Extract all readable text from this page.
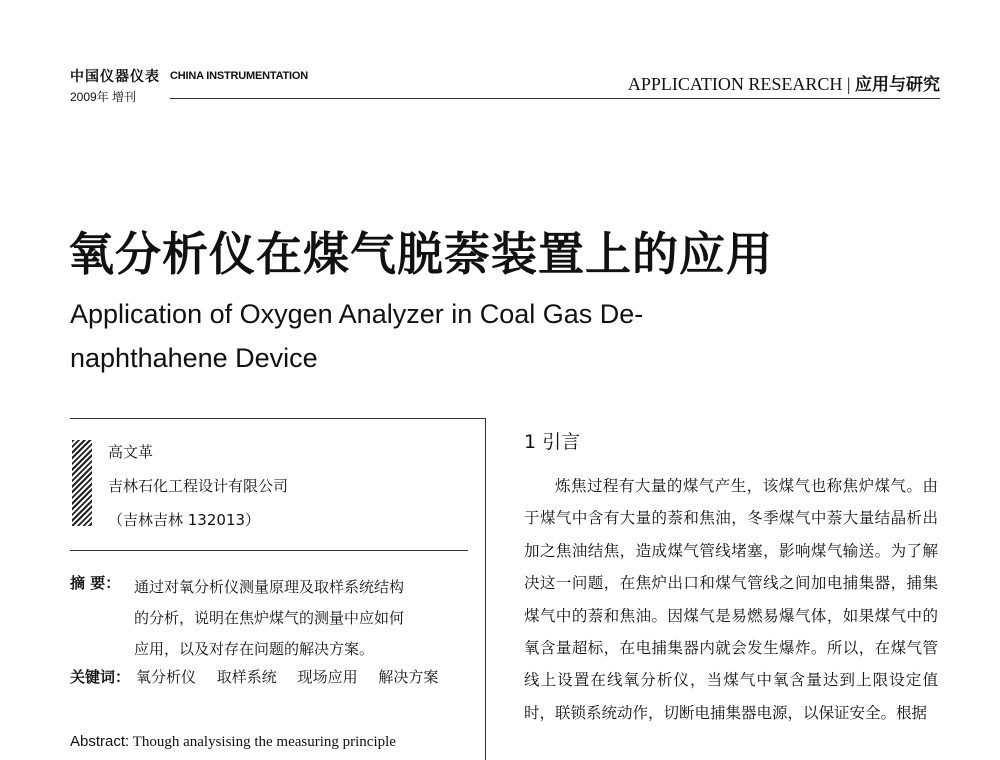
中国仪器仪表 CHINA INSTRUMENTATION
2009年 增刊
APPLICATION RESEARCH | 应用与研究
氧分析仪在煤气脱萘装置上的应用
Application of Oxygen Analyzer in Coal Gas De-naphthahene Device
高文革
吉林石化工程设计有限公司
（吉林吉林 132013）
摘 要： 通过对氧分析仪测量原理及取样系统结构

的分析，说明在焦炉煤气的测量中应如何

应用，以及对存在问题的解决方案。

关键词： 氧分析仪 取样系统 现场应用 解决方案
Abstract: Though analysising the measuring principle
1 引言
炼焦过程有大量的煤气产生，该煤气也称焦炉煤气。由于煤气中含有大量的萘和焦油，冬季煤气中萘大量结晶析出加之焦油结焦，造成煤气管线堵塞，影响煤气输送。为了解决这一问题，在焦炉出口和煤气管线之间加电捕集器，捕集煤气中的萘和焦油。因煤气是易燃易爆气体，如果煤气中的氧含量超标，在电捕集器内就会发生爆炸。所以，在煤气管线上设置在线氧分析仪，当煤气中氧含量达到上限设定值时，联锁系统动作，切断电捕集器电源，以保证安全。根据
